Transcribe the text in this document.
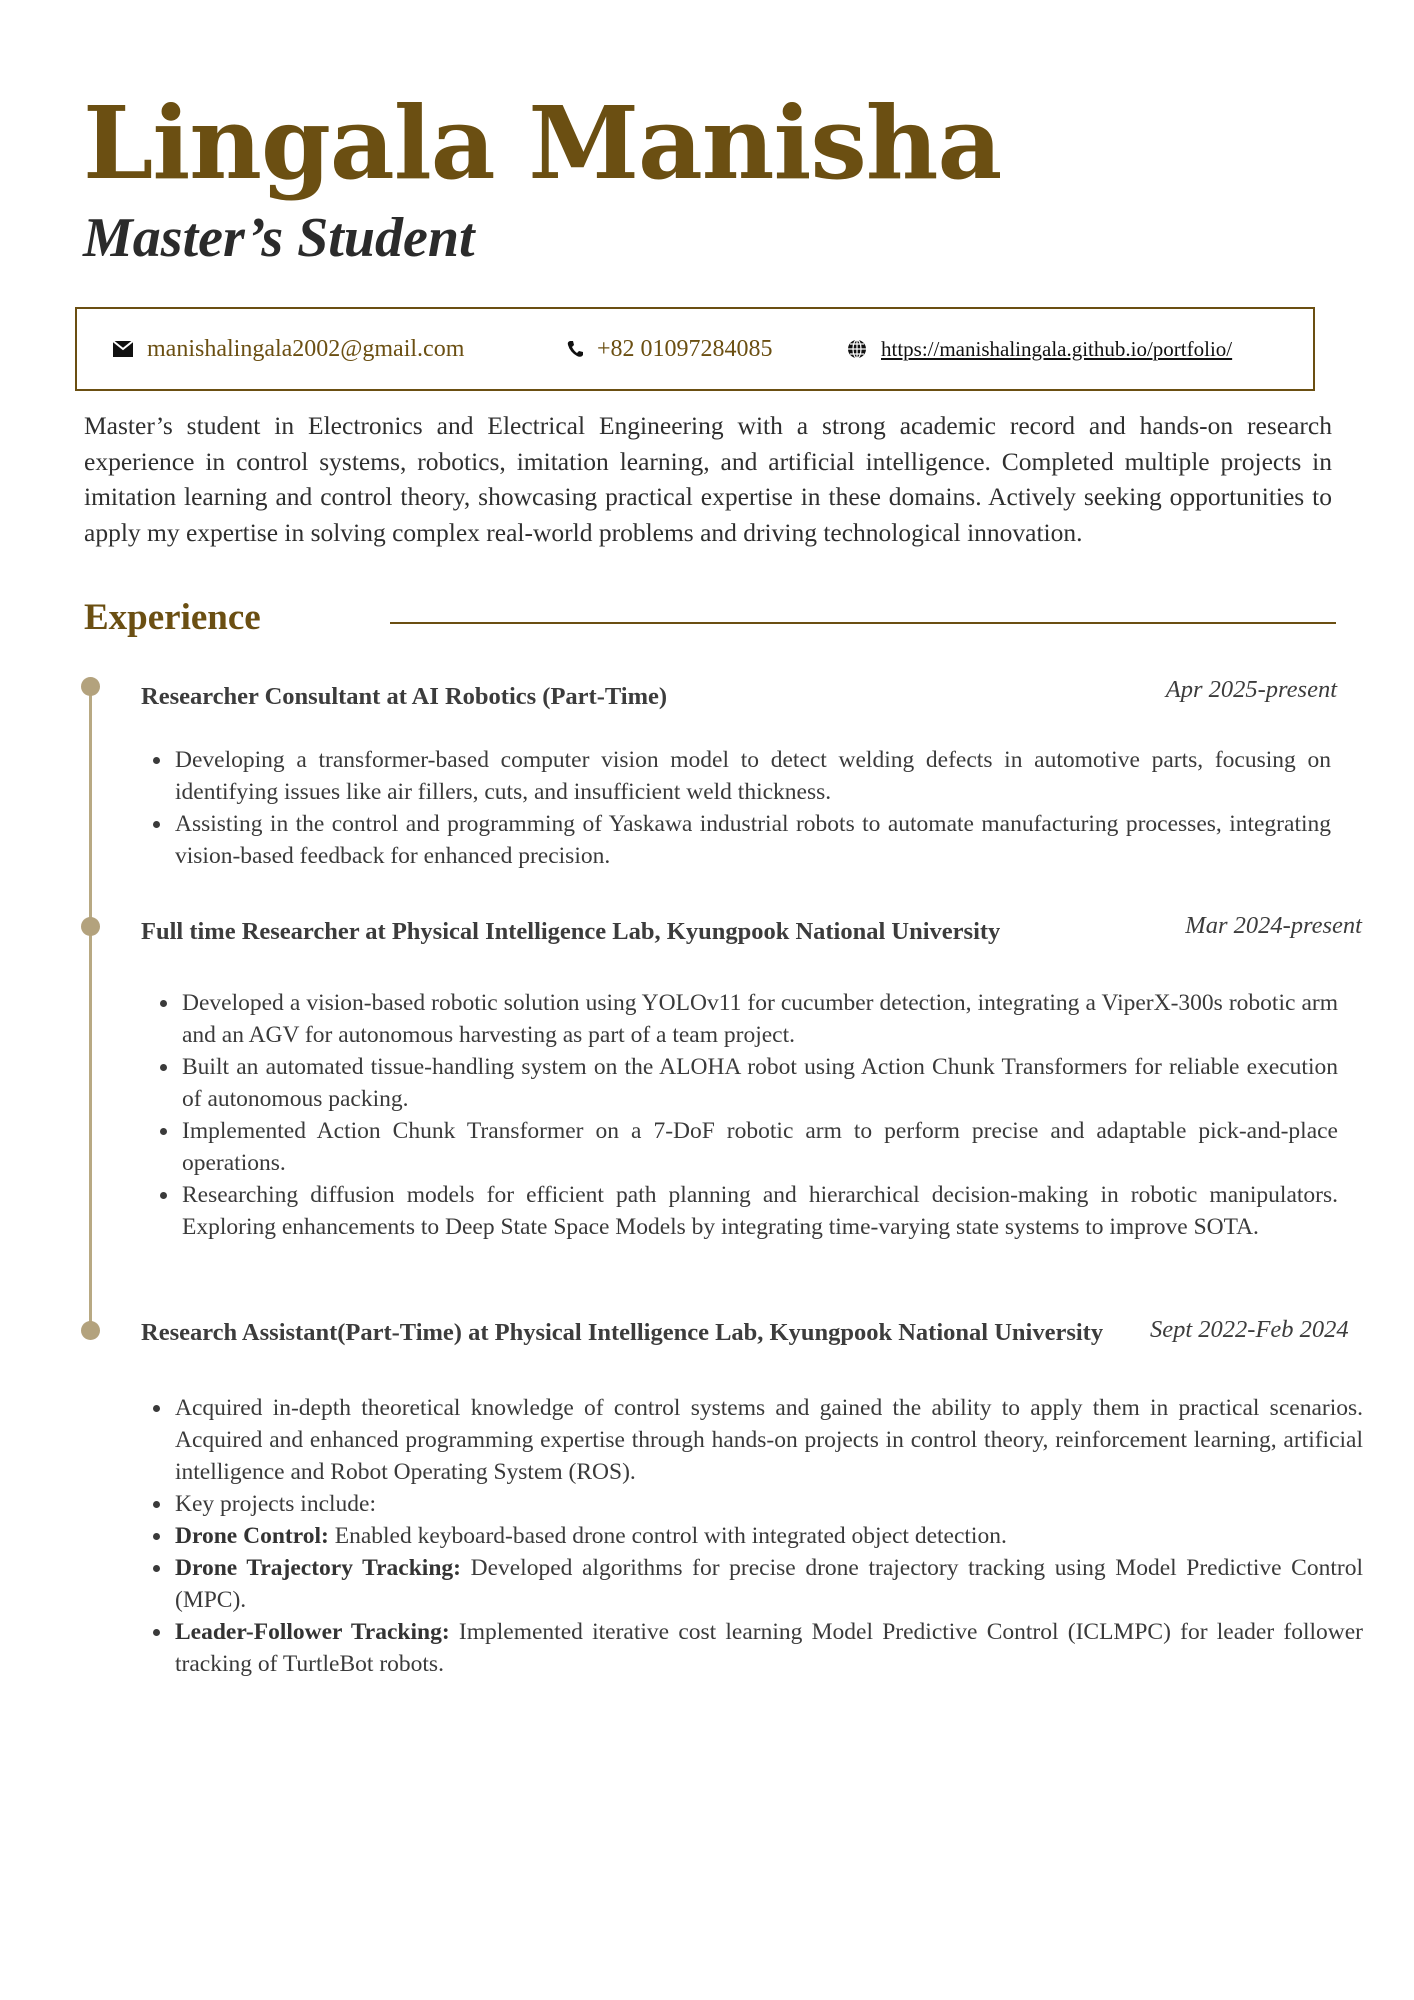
Lingala Manisha
Master’s Student
manishalingala2002@gmail.com	+82 01097284085	https://manishalingala.github.io/portfolio/

Master’s student in Electronics and Electrical Engineering with a strong academic record and hands-on research experience in control systems, robotics, imitation learning, and artificial intelligence. Completed multiple projects in imitation learning and control theory, showcasing practical expertise in these domains. Actively seeking opportunities to apply my expertise in solving complex real-world problems and driving technological innovation.

Experience
Researcher Consultant at AI Robotics (Part-Time)	Apr 2025-present
Developing a transformer-based computer vision model to detect welding defects in automotive parts, focusing on identifying issues like air fillers, cuts, and insufficient weld thickness.
Assisting in the control and programming of Yaskawa industrial robots to automate manufacturing processes, integrating vision-based feedback for enhanced precision.
Full time Researcher at Physical Intelligence Lab, Kyungpook National University	Mar 2024-present
Developed a vision-based robotic solution using YOLOv11 for cucumber detection, integrating a ViperX-300s robotic arm and an AGV for autonomous harvesting as part of a team project.
Built an automated tissue-handling system on the ALOHA robot using Action Chunk Transformers for reliable execution of autonomous packing.
Implemented Action Chunk Transformer on a 7-DoF robotic arm to perform precise and adaptable pick-and-place operations.
Researching diffusion models for efficient path planning and hierarchical decision-making in robotic manipulators. Exploring enhancements to Deep State Space Models by integrating time-varying state systems to improve SOTA.
Research Assistant(Part-Time) at Physical Intelligence Lab, Kyungpook National University	Sept 2022-Feb 2024
Acquired in-depth theoretical knowledge of control systems and gained the ability to apply them in practical scenarios. Acquired and enhanced programming expertise through hands-on projects in control theory, reinforcement learning, artificial intelligence and Robot Operating System (ROS).
Key projects include:
Drone Control: Enabled keyboard-based drone control with integrated object detection.
Drone Trajectory Tracking: Developed algorithms for precise drone trajectory tracking using Model Predictive Control (MPC).
Leader-Follower Tracking: Implemented iterative cost learning Model Predictive Control (ICLMPC) for leader follower tracking of TurtleBot robots.
